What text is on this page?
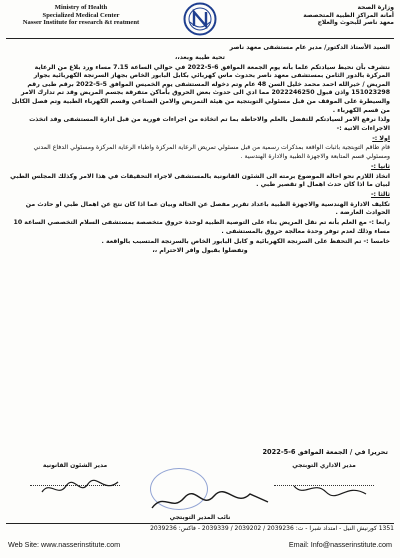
Ministry of Health
Specialized Medical Center
Nasser Institute for research &t reatment
وزارة الصحة
أمانة المراكز الطبية المتخصصة
معهد ناصر للبحوث والعلاج

السيد الأستاذ الدكتور/ مدير عام مستشفى معهد ناصر

تحية طيبة وبعد،،

نتشرف بأن نحيط سيادتكم علما بأنه يوم الجمعة الموافق 6-5-2022 في حوالي الساعة 7.15 مساء ورد بلاغ من الرعاية المركزة بالدور الثامن بمستشفى معهد ناصر بحدوث ماس كهربائي بكابل البابور الخاص بجهاز السرنجة الكهربائية بجوار المريض / خيرالله احمد محمد خليل السن 48 عام وتم دخوله المستشفى يوم الخميس الموافق 5-5-2022 برقم طبى رقم 151023298 واذن قبول 2022246250 مما ادي الى حدوث بعض الحروق بأماكن متفرقة بجسم المريض وقد تم تدارك الامر والسيطرة على الموقف من قبل مسئولي التوبتجية من هيئة التمريض والامن الصناعي وقسم الكهرباء الطبية وتم فصل الكابل من قسم الكهرباء .

ولذا نرفع الامر لسيادتكم للتفضل بالعلم والاحاطة بما تم اتخاذه من اجراءات فورية من قبل ادارة المستشفى وقد اتخذت الاجراءات الاتية :-

اولا :-

قام طاقم التوبتجية باثبات الواقعة بمذكرات رسمية من قبل مسئولي تمريض الرعاية المركزة واطباء الرعاية المركزة ومسئولي الدفاع المدني ومسئولي قسم المتابعة والاجهزة الطبية والادارة الهندسية .

ثانيا :-

اتخاذ اللازم نحو احالة الموضوع برمته الى الشئون القانونية بالمستشفى لاجراء التحقيقات في هذا الامر وكذلك المجلس الطبي لبيان ما اذا كان حدث اهمال او تقصير طبي .

ثالثا :-

تكليف الادارة الهندسية والاجهزة الطبية باعداد تقرير مفصل عن الحالة وبيان عما اذا كان نتج عن اهمال طبي او حادث من الحوادث العارضة .

رابعا :- مع العلم بأنه تم نقل المريض بناء على التوصية الطبية لوحدة حروق متخصصة بمستشفى السلام التخصصي الساعة 10 مساء وذلك لعدم توفر وحدة معالجة حروق بالمستشفى .

خامسا :- تم التحفظ على السرنجة الكهربائية و كابل البابور الخاص بالسرنجة المتسبب بالواقعة .

وتفضلوا بقبول وافر الاحترام ،،

تحريرا في / الجمعة الموافق 6-5-2022
مدير الشئون القانونية	مدير الاداري التوبتجي
نائب المدير التوبتجي
1351 كورنيش النيل - امتداد شبرا - ت: 2039236 / 2039202 / 2039339 - فاكس: 2039236
Web Site: www.nasserinstitute.com	Email: Info@nasserinstitute.com
